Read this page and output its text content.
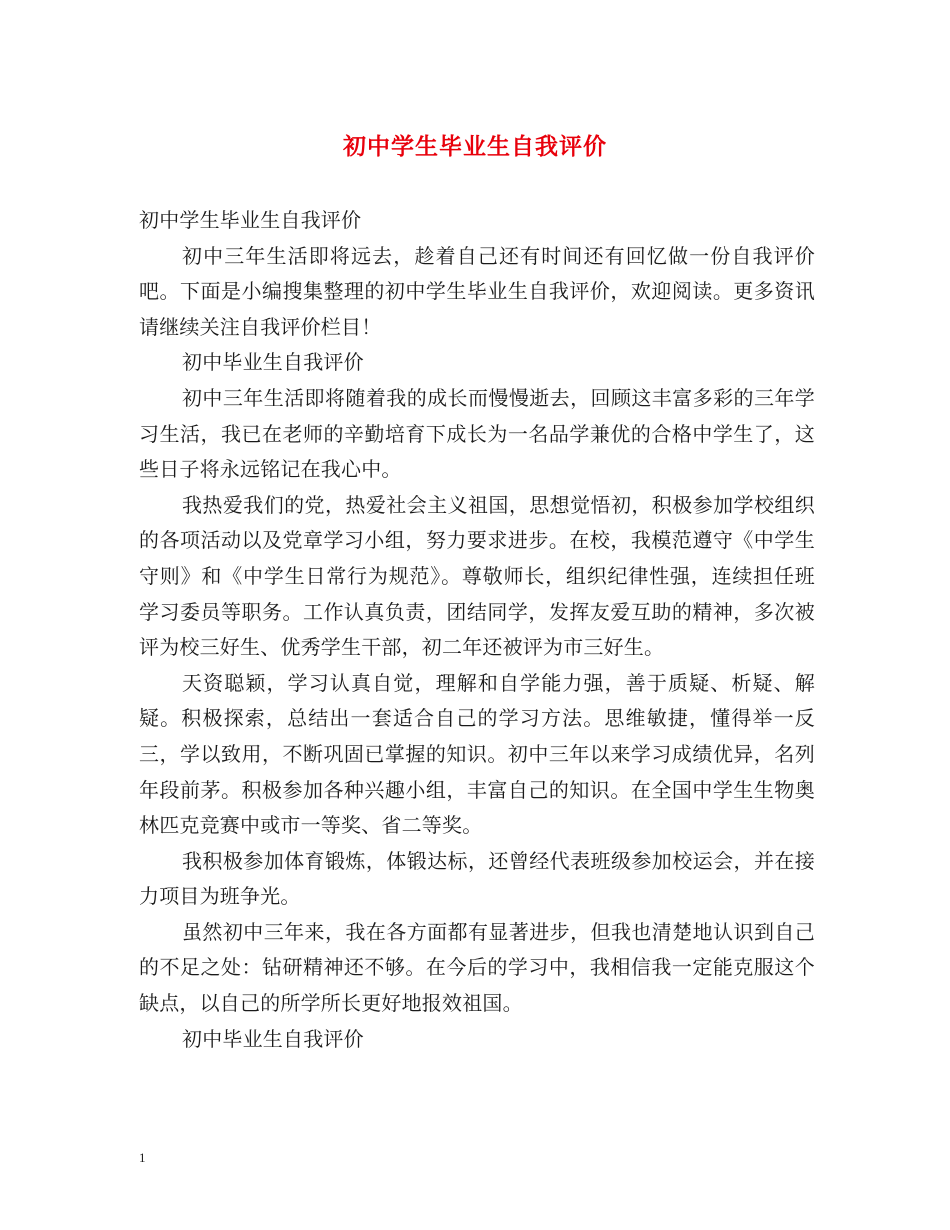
初中学生毕业生自我评价

初中学生毕业生自我评价

初中三年生活即将远去，趁着自己还有时间还有回忆做一份自我评价吧。下面是小编搜集整理的初中学生毕业生自我评价，欢迎阅读。更多资讯请继续关注自我评价栏目！

初中毕业生自我评价

初中三年生活即将随着我的成长而慢慢逝去，回顾这丰富多彩的三年学习生活，我已在老师的辛勤培育下成长为一名品学兼优的合格中学生了，这些日子将永远铭记在我心中。

我热爱我们的党，热爱社会主义祖国，思想觉悟初，积极参加学校组织的各项活动以及党章学习小组，努力要求进步。在校，我模范遵守《中学生守则》和《中学生日常行为规范》。尊敬师长，组织纪律性强，连续担任班学习委员等职务。工作认真负责，团结同学，发挥友爱互助的精神，多次被评为校三好生、优秀学生干部，初二年还被评为市三好生。

天资聪颖，学习认真自觉，理解和自学能力强，善于质疑、析疑、解疑。积极探索，总结出一套适合自己的学习方法。思维敏捷，懂得举一反三，学以致用，不断巩固已掌握的知识。初中三年以来学习成绩优异，名列年段前茅。积极参加各种兴趣小组，丰富自己的知识。在全国中学生生物奥林匹克竞赛中或市一等奖、省二等奖。

我积极参加体育锻炼，体锻达标，还曾经代表班级参加校运会，并在接力项目为班争光。

虽然初中三年来，我在各方面都有显著进步，但我也清楚地认识到自己的不足之处：钻研精神还不够。在今后的学习中，我相信我一定能克服这个缺点，以自己的所学所长更好地报效祖国。

初中毕业生自我评价

1
